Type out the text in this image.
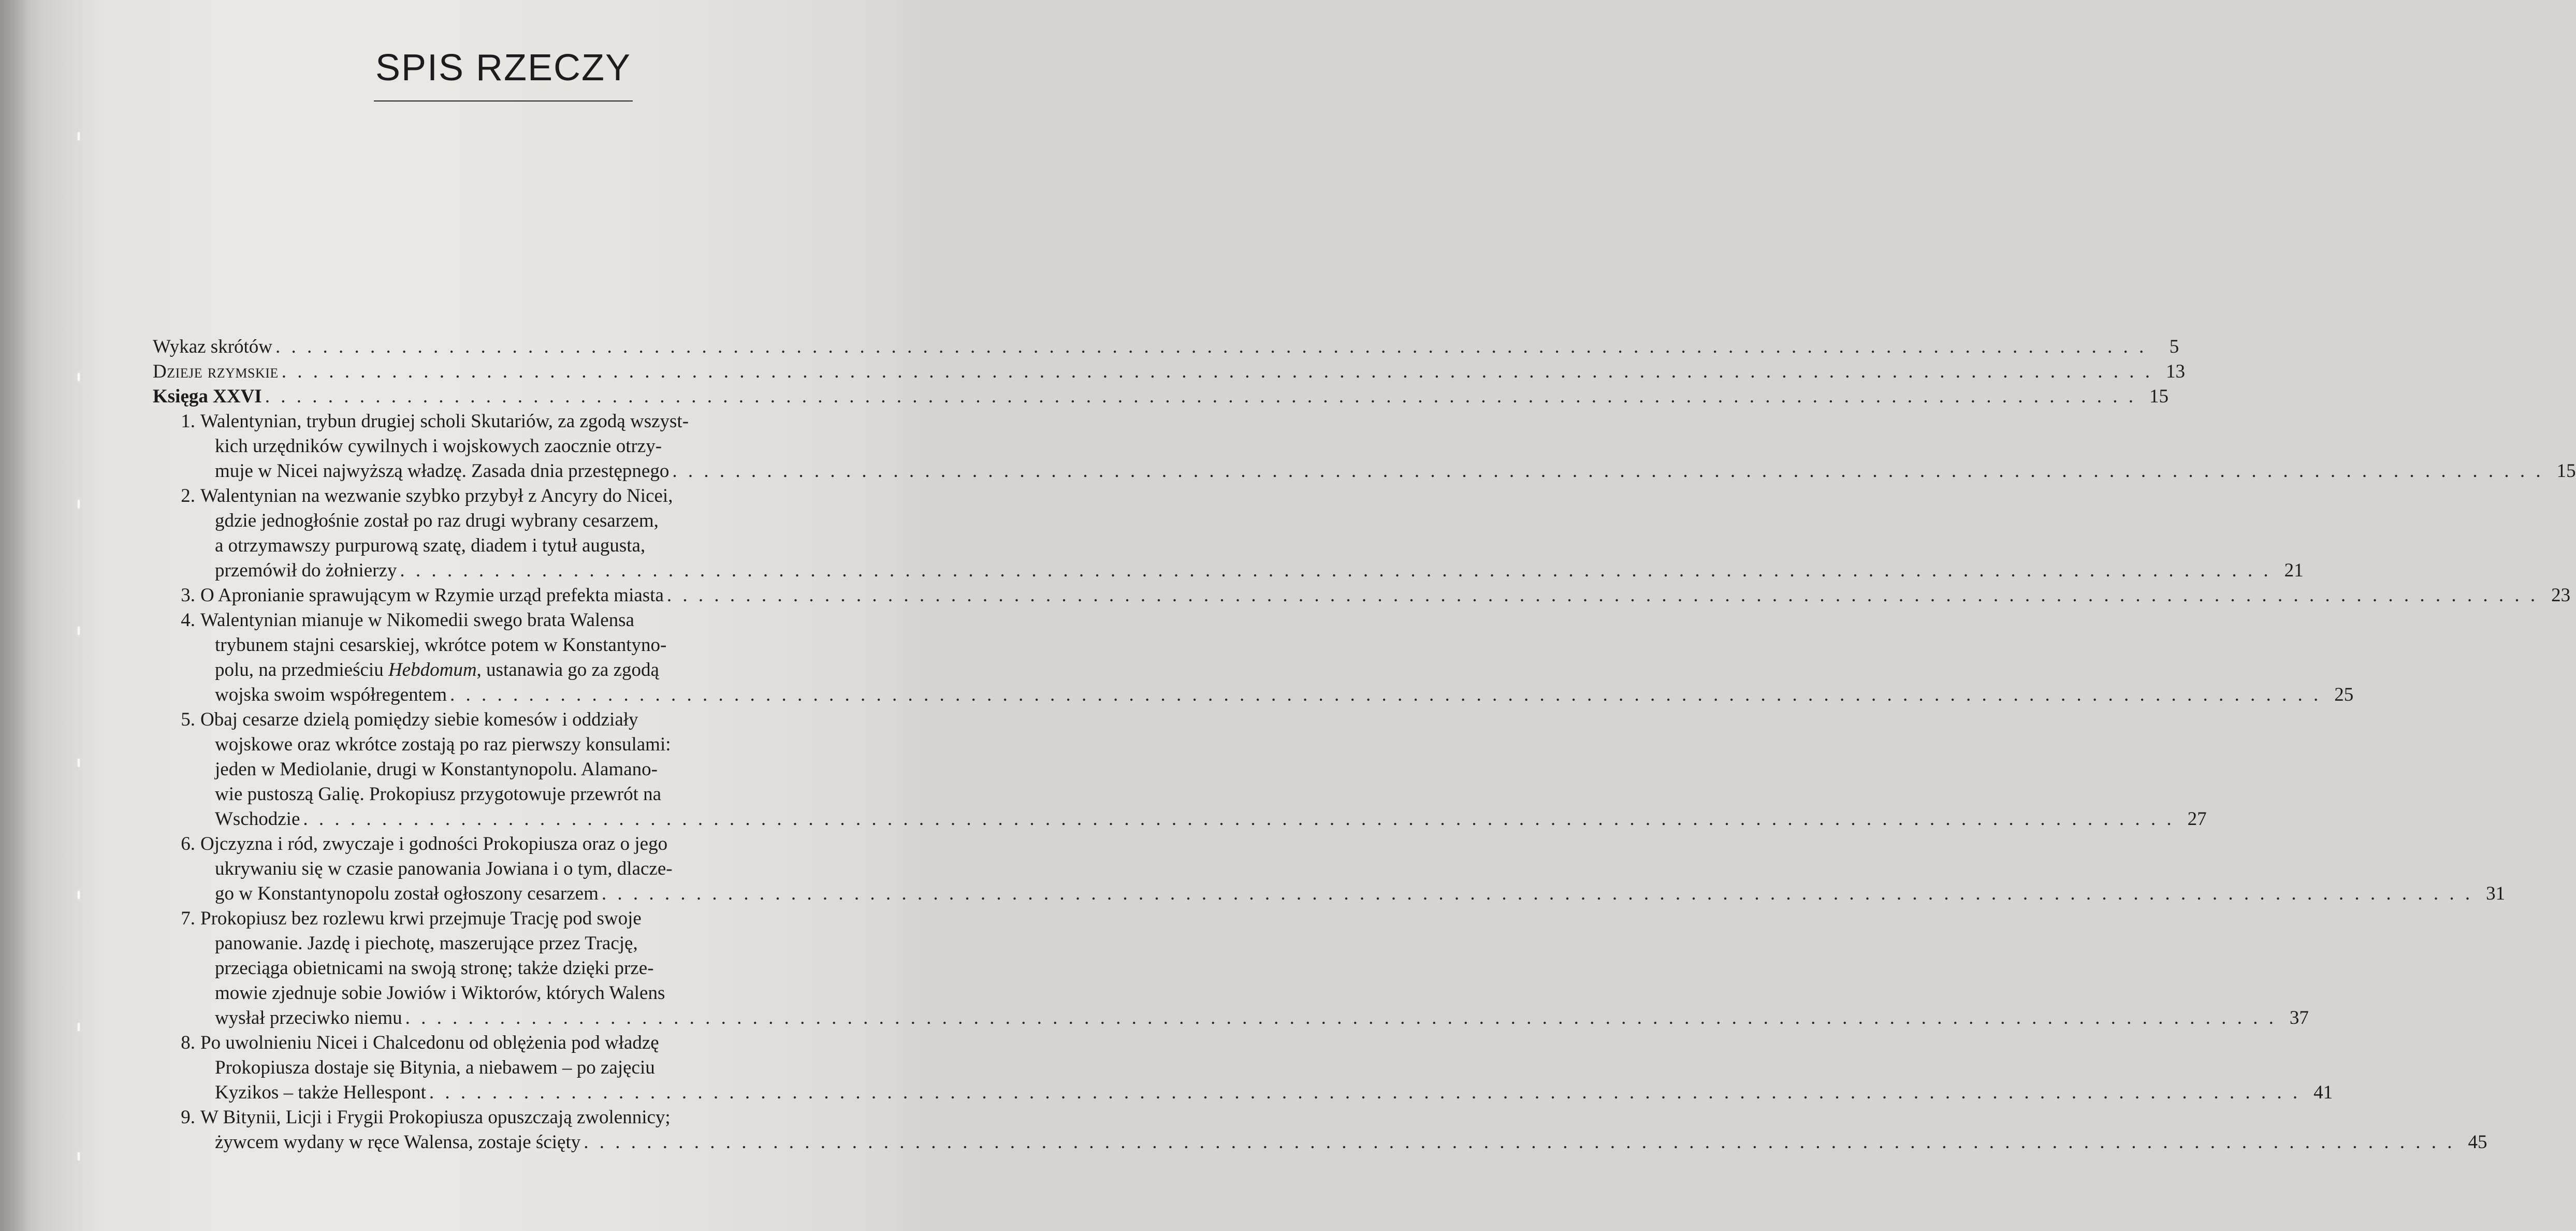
SPIS RZECZY
Wykaz skrótów . . .	5
Dzieje rzymskie . . .	13
Księga XXVI . . .	15
1. Walentynian, trybun drugiej scholi Skutariów, za zgodą wszyst-
kich urzędników cywilnych i wojskowych zaocznie otrzy-
muje w Nicei najwyższą władzę. Zasada dnia przestępnego . . .	15
2. Walentynian na wezwanie szybko przybył z Ancyry do Nicei,
gdzie jednogłośnie został po raz drugi wybrany cesarzem,
a otrzymawszy purpurową szatę, diadem i tytuł augusta,
przemówił do żołnierzy . . .	21
3. O Apronianie sprawującym w Rzymie urząd prefekta miasta . . .	23
4. Walentynian mianuje w Nikomedii swego brata Walensa
trybunem stajni cesarskiej, wkrótce potem w Konstantyno-
polu, na przedmieściu Hebdomum, ustanawia go za zgodą
wojska swoim współregentem . . .	25
5. Obaj cesarze dzielą pomiędzy siebie komesów i oddziały
wojskowe oraz wkrótce zostają po raz pierwszy konsulami:
jeden w Mediolanie, drugi w Konstantynopolu. Alamano-
wie pustoszą Galię. Prokopiusz przygotowuje przewrót na
Wschodzie . . .	27
6. Ojczyzna i ród, zwyczaje i godności Prokopiusza oraz o jego
ukrywaniu się w czasie panowania Jowiana i o tym, dlacze-
go w Konstantynopolu został ogłoszony cesarzem . . .	31
7. Prokopiusz bez rozlewu krwi przejmuje Trację pod swoje
panowanie. Jazdę i piechotę, maszerujące przez Trację,
przeciąga obietnicami na swoją stronę; także dzięki prze-
mowie zjednuje sobie Jowiów i Wiktorów, których Walens
wysłał przeciwko niemu . . .	37
8. Po uwolnieniu Nicei i Chalcedonu od oblężenia pod władzę
Prokopiusza dostaje się Bitynia, a niebawem – po zajęciu
Kyzikos – także Hellespont . . .	41
9. W Bitynii, Licji i Frygii Prokopiusza opuszczają zwolennicy;
żywcem wydany w ręce Walensa, zostaje ścięty . . .	45
